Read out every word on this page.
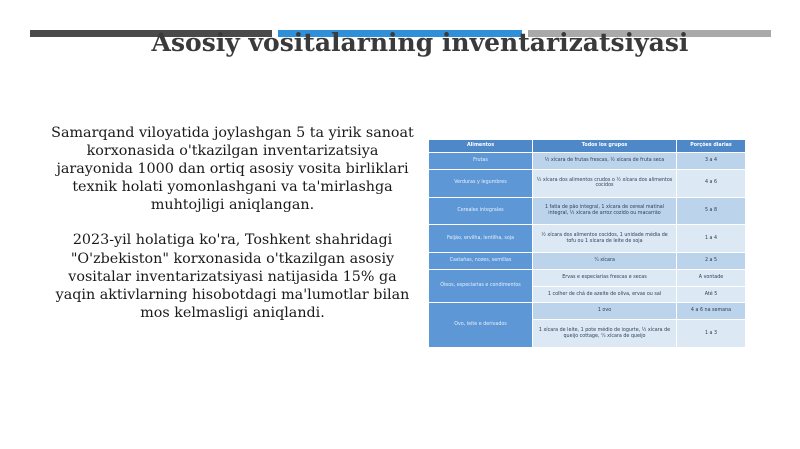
Asosiy vositalarning inventarizatsiyasi

Samarqand viloyatida joylashgan 5 ta yirik sanoat korxonasida o'tkazilgan inventarizatsiya jarayonida 1000 dan ortiq asosiy vosita birliklari texnik holati yomonlashgani va ta'mirlashga muhtojligi aniqlangan.

2023-yil holatiga ko'ra, Toshkent shahridagi "O'zbekiston" korxonasida o'tkazilgan asosiy vositalar inventarizatsiyasi natijasida 15% ga yaqin aktivlarning hisobotdagi ma'lumotlar bilan mos kelmasligi aniqlandi.

Alimentos	Todos los grupos	Porções diarias
Frutas	½ xícara de frutas frescas, ½ xícara de fruta seca	3 a 4
Verduras y legumbres	½ xícara dos alimentos crudos o ½ xícara dos alimentos cocidos	4 a 6
Cereales integrales	1 fatia de pão integral, 1 xícara de cereal matinal integral, ½ xícara de arroz cozido ou macarrão	5 a 8
Feijão, ervilha, lentilha, soja	½ xícara dos alimentos cocidos, 1 unidade média de tofu ou 1 xícara de leite de soja	1 a 4
Castañas, nozes, semillas	¼ xícara	2 a 5
Óleos, especiarias e condimentos	Ervas e especiarias frescas e secas	A vontade
	1 colher de chá de azeite de oliva, ervas ou sal	Até 5
Ovo, leite e derivados	1 ovo	4 a 6 na semana
	1 xícara de leite, 1 pote médio de iogurte, ½ xícara de queijo cottage, ¼ xícara de queijo	1 a 3
